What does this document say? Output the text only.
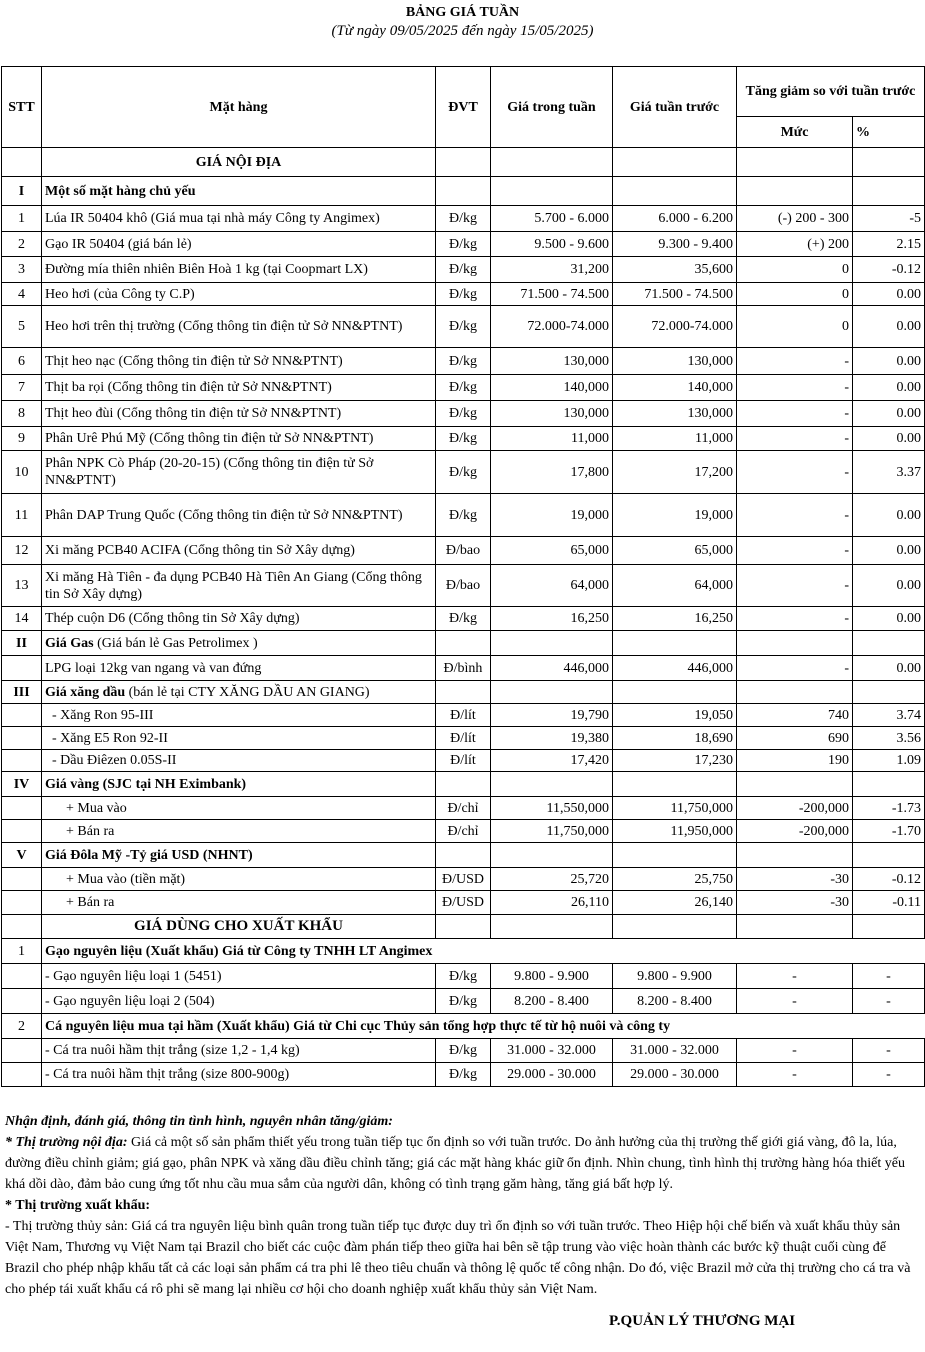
BẢNG GIÁ TUẦN
(Từ ngày 09/05/2025 đến ngày 15/05/2025)
STT	Mặt hàng	ĐVT	Giá trong tuần	Giá tuần trước	Tăng giảm so với tuần trước	
					Mức	%
	GIÁ NỘI ĐỊA					
I	Một số mặt hàng chủ yếu					
1	Lúa IR 50404 khô (Giá mua tại nhà máy Công ty Angimex)	Đ/kg	5.700 - 6.000	6.000 - 6.200	(-) 200 - 300	-5
2	Gạo IR 50404 (giá bán lẻ)	Đ/kg	9.500 - 9.600	9.300 - 9.400	(+) 200	2.15
3	Đường mía thiên nhiên Biên Hoà 1 kg (tại Coopmart LX)	Đ/kg	31,200	35,600	0	-0.12
4	Heo hơi (của Công ty C.P)	Đ/kg	71.500 - 74.500	71.500 - 74.500	0	0.00
5	Heo hơi trên thị trường (Cổng thông tin điện tử Sở NN&PTNT)	Đ/kg	72.000-74.000	72.000-74.000	0	0.00
6	Thịt heo nạc (Cổng thông tin điện tử Sở NN&PTNT)	Đ/kg	130,000	130,000	-	0.00
7	Thịt ba rọi (Cổng thông tin điện tử Sở NN&PTNT)	Đ/kg	140,000	140,000	-	0.00
8	Thịt heo đùi (Cổng thông tin điện tử Sở NN&PTNT)	Đ/kg	130,000	130,000	-	0.00
9	Phân Urê Phú Mỹ (Cổng thông tin điện tử Sở NN&PTNT)	Đ/kg	11,000	11,000	-	0.00
10	Phân NPK Cò Pháp (20-20-15) (Cổng thông tin điện tử Sở NN&PTNT)	Đ/kg	17,800	17,200	-	3.37
11	Phân DAP Trung Quốc (Cổng thông tin điện tử Sở NN&PTNT)	Đ/kg	19,000	19,000	-	0.00
12	Xi măng PCB40 ACIFA (Cổng thông tin Sở Xây dựng)	Đ/bao	65,000	65,000	-	0.00
13	Xi măng Hà Tiên - đa dụng PCB40 Hà Tiên An Giang (Cổng thông tin Sở Xây dựng)	Đ/bao	64,000	64,000	-	0.00
14	Thép cuộn D6 (Cổng thông tin Sở Xây dựng)	Đ/kg	16,250	16,250	-	0.00
II	Giá Gas (Giá bán lẻ Gas Petrolimex )					
	LPG loại 12kg van ngang và van đứng	Đ/bình	446,000	446,000	-	0.00
III	Giá xăng dầu (bán lẻ tại CTY XĂNG DẦU AN GIANG)					
	- Xăng Ron 95-III	Đ/lít	19,790	19,050	740	3.74
	- Xăng E5 Ron 92-II	Đ/lít	19,380	18,690	690	3.56
	- Dầu Điêzen 0.05S-II	Đ/lít	17,420	17,230	190	1.09
IV	Giá vàng (SJC tại NH Eximbank)					
	+ Mua vào	Đ/chỉ	11,550,000	11,750,000	-200,000	-1.73
	+ Bán ra	Đ/chỉ	11,750,000	11,950,000	-200,000	-1.70
V	Giá Đôla Mỹ -Tỷ giá USD (NHNT)					
	+ Mua vào (tiền mặt)	Đ/USD	25,720	25,750	-30	-0.12
	+ Bán ra	Đ/USD	26,110	26,140	-30	-0.11
	GIÁ DÙNG CHO XUẤT KHẨU					
1	Gạo nguyên liệu (Xuất khẩu) Giá từ Công ty TNHH LT Angimex					
	- Gạo nguyên liệu loại 1 (5451)	Đ/kg	9.800 - 9.900	9.800 - 9.900	-	-
	- Gạo nguyên liệu loại 2 (504)	Đ/kg	8.200 - 8.400	8.200 - 8.400	-	-
2	Cá nguyên liệu mua tại hầm (Xuất khẩu) Giá từ Chi cục Thủy sản tổng hợp thực tế từ hộ nuôi và công ty					
	- Cá tra nuôi hầm thịt trắng (size 1,2 - 1,4 kg)	Đ/kg	31.000 - 32.000	31.000 - 32.000	-	-
	- Cá tra nuôi hầm thịt trắng (size 800-900g)	Đ/kg	29.000 - 30.000	29.000 - 30.000	-	-

Nhận định, đánh giá, thông tin tình hình, nguyên nhân tăng/giảm:

* Thị trường nội địa: Giá cả một số sản phẩm thiết yếu trong tuần tiếp tục ổn định so với tuần trước. Do ảnh hưởng của thị trường thế giới giá vàng, đô la, lúa, đường điều chỉnh giảm; giá gạo, phân NPK và xăng dầu điều chỉnh tăng; giá các mặt hàng khác giữ ổn định. Nhìn chung, tình hình thị trường hàng hóa thiết yếu khá dồi dào, đảm bảo cung ứng tốt nhu cầu mua sắm của người dân, không có tình trạng găm hàng, tăng giá bất hợp lý.

* Thị trường xuất khẩu:

- Thị trường thủy sản: Giá cá tra nguyên liệu bình quân trong tuần tiếp tục được duy trì ổn định so với tuần trước. Theo Hiệp hội chế biến và xuất khẩu thủy sản Việt Nam, Thương vụ Việt Nam tại Brazil cho biết các cuộc đàm phán tiếp theo giữa hai bên sẽ tập trung vào việc hoàn thành các bước kỹ thuật cuối cùng để Brazil cho phép nhập khẩu tất cả các loại sản phẩm cá tra phi lê theo tiêu chuẩn và thông lệ quốc tế công nhận. Do đó, việc Brazil mở cửa thị trường cho cá tra và cho phép tái xuất khẩu cá rô phi sẽ mang lại nhiều cơ hội cho doanh nghiệp xuất khẩu thủy sản Việt Nam.

P.QUẢN LÝ THƯƠNG MẠI
